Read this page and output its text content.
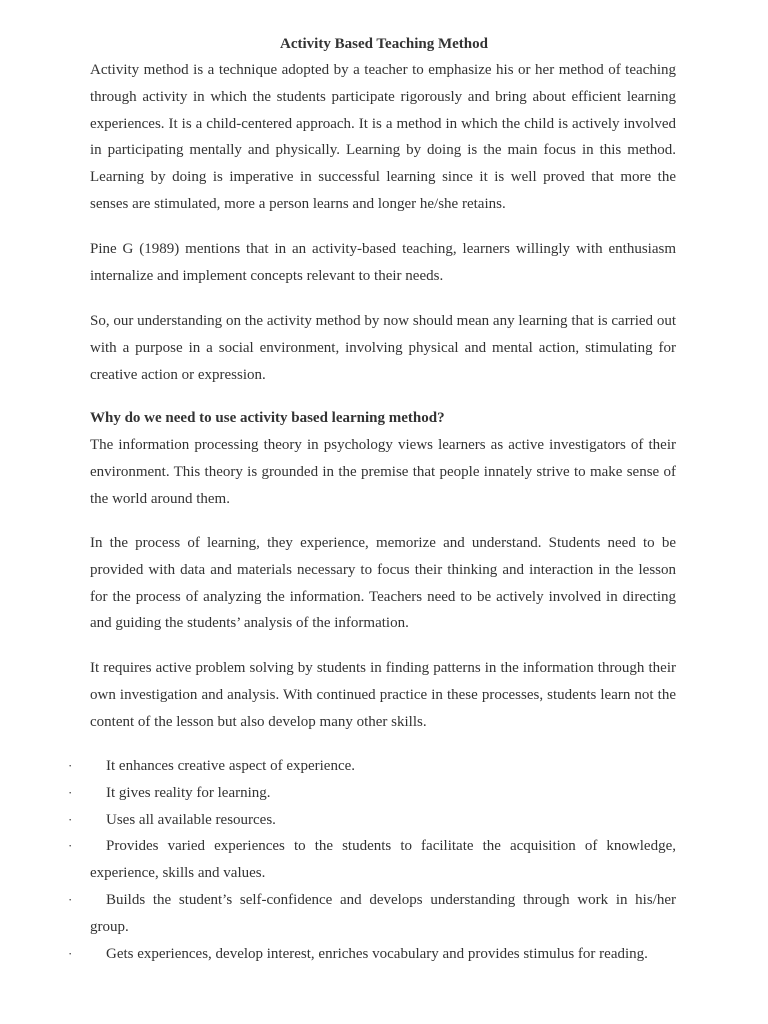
Activity Based Teaching Method

Activity method is a technique adopted by a teacher to emphasize his or her method of teaching through activity in which the students participate rigorously and bring about efficient learning experiences. It is a child-centered approach. It is a method in which the child is actively involved in participating mentally and physically. Learning by doing is the main focus in this method. Learning by doing is imperative in successful learning since it is well proved that more the senses are stimulated, more a person learns and longer he/she retains.

Pine G (1989) mentions that in an activity-based teaching, learners willingly with enthusiasm internalize and implement concepts relevant to their needs.

So, our understanding on the activity method by now should mean any learning that is carried out with a purpose in a social environment, involving physical and mental action, stimulating for creative action or expression.

Why do we need to use activity based learning method?

The information processing theory in psychology views learners as active investigators of their environment. This theory is grounded in the premise that people innately strive to make sense of the world around them.

In the process of learning, they experience, memorize and understand. Students need to be provided with data and materials necessary to focus their thinking and interaction in the lesson for the process of analyzing the information. Teachers need to be actively involved in directing and guiding the students’ analysis of the information.

It requires active problem solving by students in finding patterns in the information through their own investigation and analysis. With continued practice in these processes, students learn not the content of the lesson but also develop many other skills.

·	It enhances creative aspect of experience.
·	It gives reality for learning.
·	Uses all available resources.
·	Provides varied experiences to the students to facilitate the acquisition of knowledge, experience, skills and values.
·	Builds the student’s self-confidence and develops understanding through work in his/her group.
·	Gets experiences, develop interest, enriches vocabulary and provides stimulus for reading.
